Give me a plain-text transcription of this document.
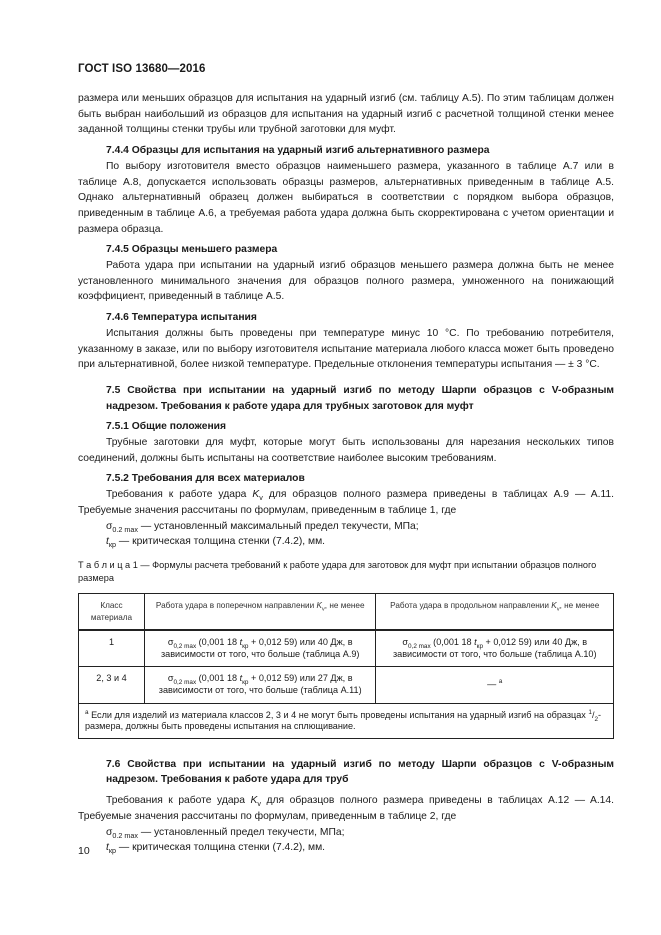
ГОСТ ISO 13680—2016

размера или меньших образцов для испытания на ударный изгиб (см. таблицу A.5). По этим таблицам должен быть выбран наибольший из образцов для испытания на ударный изгиб с расчетной толщиной стенки менее заданной толщины стенки трубы или трубной заготовки для муфт.

7.4.4 Образцы для испытания на ударный изгиб альтернативного размера

По выбору изготовителя вместо образцов наименьшего размера, указанного в таблице A.7 или в таблице A.8, допускается использовать образцы размеров, альтернативных приведенным в таблице A.5. Однако альтернативный образец должен выбираться в соответствии с порядком выбора образцов, приведенным в таблице A.6, а требуемая работа удара должна быть скорректирована с учетом ориентации и размера образца.

7.4.5 Образцы меньшего размера

Работа удара при испытании на ударный изгиб образцов меньшего размера должна быть не менее установленного минимального значения для образцов полного размера, умноженного на понижающий коэффициент, приведенный в таблице A.5.

7.4.6 Температура испытания

Испытания должны быть проведены при температуре минус 10 °C. По требованию потребителя, указанному в заказе, или по выбору изготовителя испытание материала любого класса может быть проведено при альтернативной, более низкой температуре. Предельные отклонения температуры испытания — ± 3 °C.

7.5 Свойства при испытании на ударный изгиб по методу Шарпи образцов с V-образным надрезом. Требования к работе удара для трубных заготовок для муфт

7.5.1 Общие положения

Трубные заготовки для муфт, которые могут быть использованы для нарезания нескольких типов соединений, должны быть испытаны на соответствие наиболее высоким требованиям.

7.5.2 Требования для всех материалов

Требования к работе удара $K_v$ для образцов полного размера приведены в таблицах A.9 — A.11. Требуемые значения рассчитаны по формулам, приведенным в таблице 1, где

$\sigma_{0.2 max}$ — установленный максимальный предел текучести, МПа;

$t_{кр}$ — критическая толщина стенки (7.4.2), мм.

Т а б л и ц а 1 — Формулы расчета требований к работе удара для заготовок для муфт при испытании образцов полного размера

Класс материала	Работа удара в поперечном направлении $K_v$, не менее	Работа удара в продольном направлении $K_v$, не менее
1	$\sigma_{0,2 max}$ (0,001 18 $t_{кр} + 0,012$ 59) или 40 Дж, в зависимости от того, что больше (таблица A.9)	$\sigma_{0,2 max}$ (0,001 18 $t_{кр} + 0,012$ 59) или 40 Дж, в зависимости от того, что больше (таблица A.10)
2, 3 и 4	$\sigma_{0,2 max}$ (0,001 18 $t_{кр} + 0,012$ 59) или 27 Дж, в зависимости от того, что больше (таблица A.11)	— $^a$
$^a$ Если для изделий из материала классов 2, 3 и 4 не могут быть проведены испытания на ударный изгиб на образцах $^1/_2$-размера, должны быть проведены испытания на сплющивание.		

7.6 Свойства при испытании на ударный изгиб по методу Шарпи образцов с V-образным надрезом. Требования к работе удара для труб

Требования к работе удара $K_v$ для образцов полного размера приведены в таблицах A.12 — A.14. Требуемые значения рассчитаны по формулам, приведенным в таблице 2, где

$\sigma_{0.2 max}$ — установленный предел текучести, МПа;

$t_{кр}$ — критическая толщина стенки (7.4.2), мм.

10
